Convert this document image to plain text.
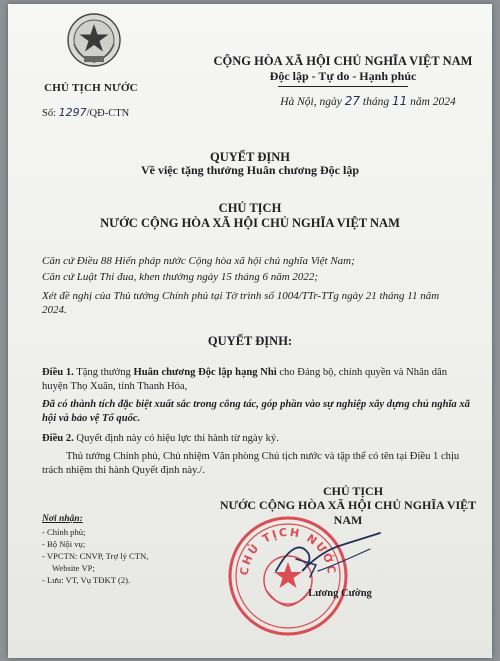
CHỦ TỊCH NƯỚC
Số: 1297/QĐ-CTN
CỘNG HÒA XÃ HỘI CHỦ NGHĨA VIỆT NAM
Độc lập - Tự do - Hạnh phúc
Hà Nội, ngày 27 tháng 11 năm 2024
QUYẾT ĐỊNH
Về việc tặng thưởng Huân chương Độc lập
CHỦ TỊCH
NƯỚC CỘNG HÒA XÃ HỘI CHỦ NGHĨA VIỆT NAM
Căn cứ Điều 88 Hiến pháp nước Cộng hòa xã hội chủ nghĩa Việt Nam;
Căn cứ Luật Thi đua, khen thưởng ngày 15 tháng 6 năm 2022;
Xét đề nghị của Thủ tướng Chính phủ tại Tờ trình số 1004/TTr-TTg ngày 21 tháng 11 năm 2024.
QUYẾT ĐỊNH:
Điều 1. Tặng thưởng Huân chương Độc lập hạng Nhì cho Đảng bộ, chính quyền và Nhân dân huyện Thọ Xuân, tỉnh Thanh Hóa,
Đã có thành tích đặc biệt xuất sắc trong công tác, góp phần vào sự nghiệp xây dựng chủ nghĩa xã hội và bảo vệ Tổ quốc.
Điều 2. Quyết định này có hiệu lực thi hành từ ngày ký.
Thủ tướng Chính phủ, Chủ nhiệm Văn phòng Chủ tịch nước và tập thể có tên tại Điều 1 chịu trách nhiệm thi hành Quyết định này./.
CHỦ TỊCH
NƯỚC CỘNG HÒA XÃ HỘI CHỦ NGHĨA VIỆT NAM
CHỦ TỊCH NƯỚC
Lương Cường
Nơi nhận:
- Chính phủ;
- Bộ Nội vụ;
- VPCTN: CNVP, Trợ lý CTN,
Website VP;
- Lưu: VT, Vụ TĐKT (2).
